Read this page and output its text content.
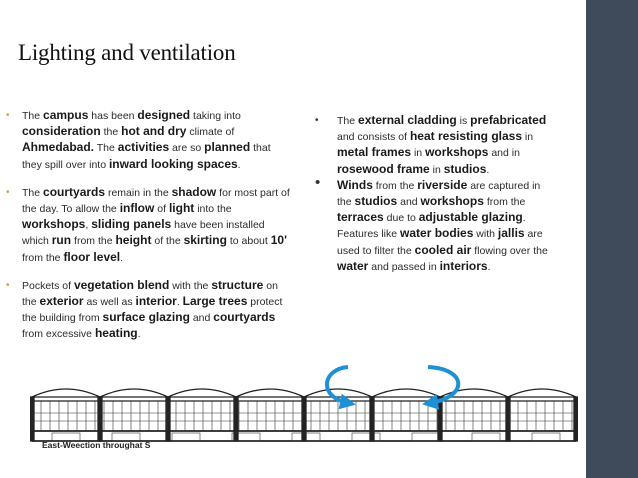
Lighting and ventilation
• The campus has been designed taking into consideration the hot and dry climate of Ahmedabad. The activities are so planned that they spill over into inward looking spaces.
• The courtyards remain in the shadow for most part of the day. To allow the inflow of light into the workshops, sliding panels have been installed which run from the height of the skirting to about 10' from the floor level.
• Pockets of vegetation blend with the structure on the exterior as well as interior. Large trees protect the building from surface glazing and courtyards from excessive heating.
• The external cladding is prefabricated and consists of heat resisting glass in metal frames in workshops and in rosewood frame in studios.
• Winds from the riverside are captured in the studios and workshops from the terraces due to adjustable glazing. Features like water bodies with jallis are used to filter the cooled air flowing over the water and passed in interiors.
East-Weection throughat S
